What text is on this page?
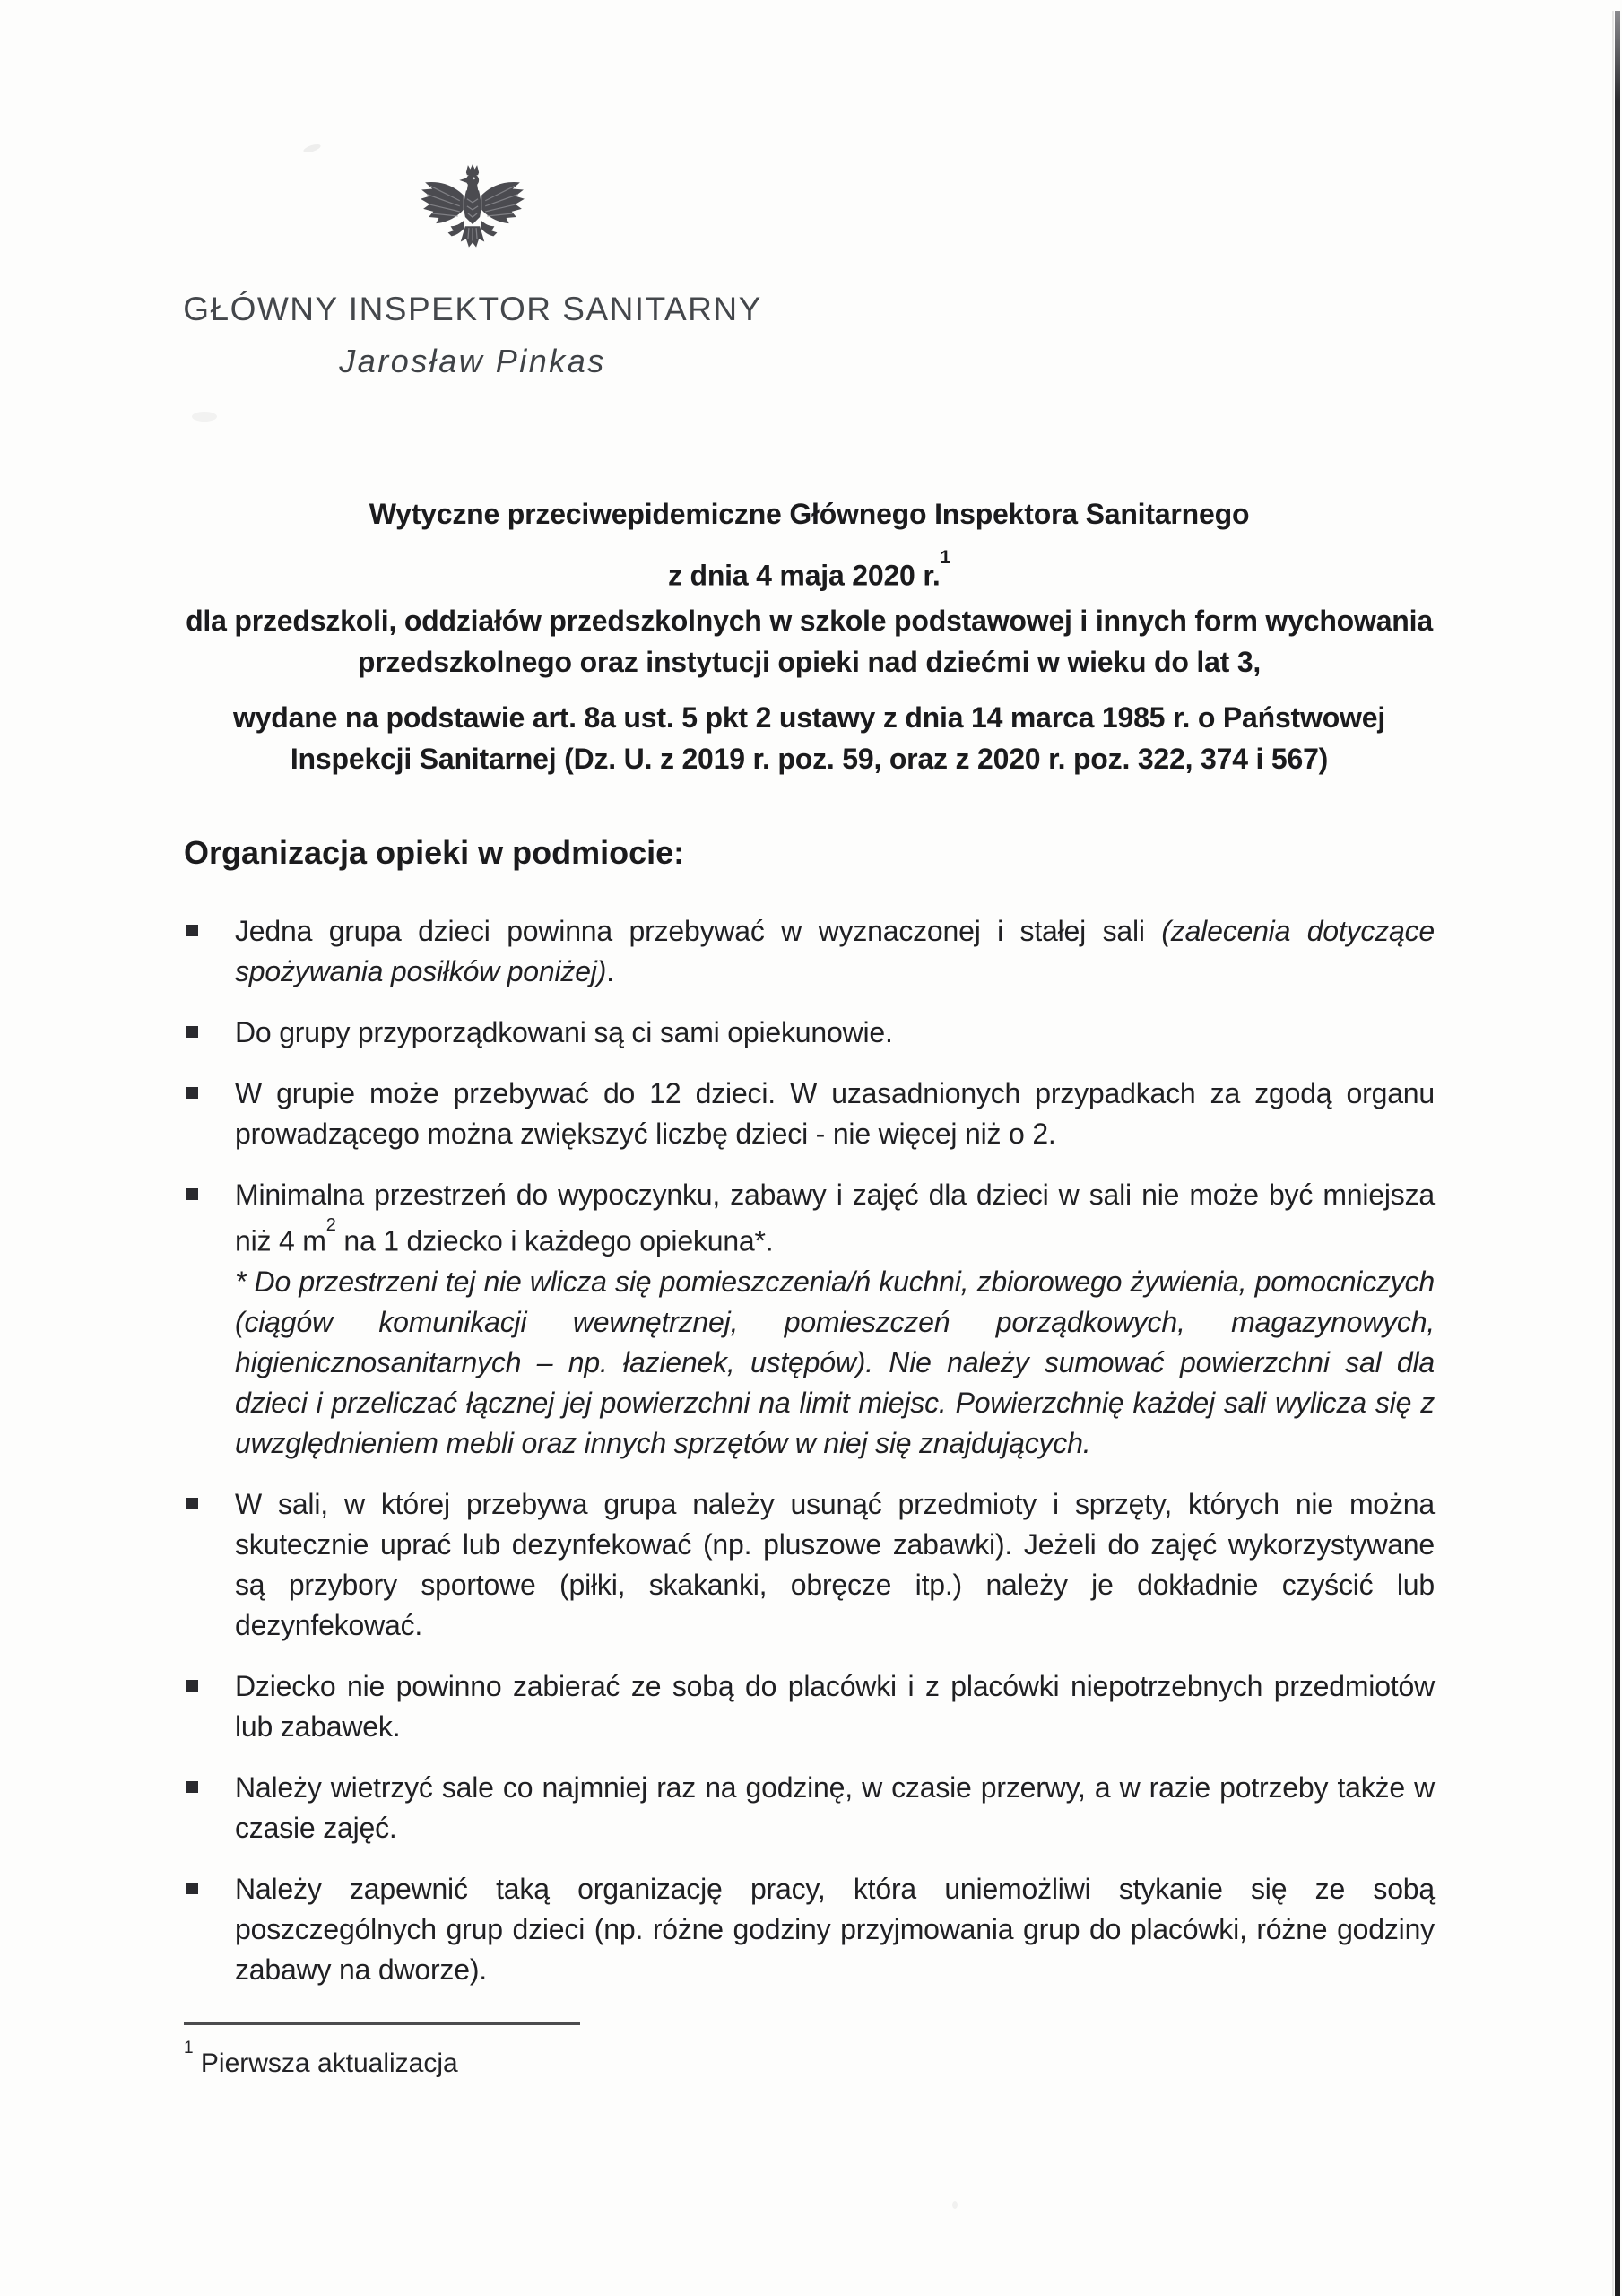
GŁÓWNY INSPEKTOR SANITARNY
Jarosław Pinkas

Wytyczne przeciwepidemiczne Głównego Inspektora Sanitarnego

z dnia 4 maja 2020 r.$^1$

dla przedszkoli, oddziałów przedszkolnych w szkole podstawowej i innych form wychowania przedszkolnego oraz instytucji opieki nad dziećmi w wieku do lat 3,

wydane na podstawie art. 8a ust. 5 pkt 2 ustawy z dnia 14 marca 1985 r. o Państwowej Inspekcji Sanitarnej (Dz. U. z 2019 r. poz. 59, oraz z 2020 r. poz. 322, 374 i 567)

Organizacja opieki w podmiocie:
Jedna grupa dzieci powinna przebywać w wyznaczonej i stałej sali (zalecenia dotyczące spożywania posiłków poniżej).
Do grupy przyporządkowani są ci sami opiekunowie.
W grupie może przebywać do 12 dzieci. W uzasadnionych przypadkach za zgodą organu prowadzącego można zwiększyć liczbę dzieci - nie więcej niż o 2.
Minimalna przestrzeń do wypoczynku, zabawy i zajęć dla dzieci w sali nie może być mniejsza niż 4 $m^2$ na 1 dziecko i każdego opiekuna*.

* Do przestrzeni tej nie wlicza się pomieszczenia/ń kuchni, zbiorowego żywienia, pomocniczych (ciągów komunikacji wewnętrznej, pomieszczeń porządkowych, magazynowych, higienicznosanitarnych – np. łazienek, ustępów). Nie należy sumować powierzchni sal dla dzieci i przeliczać łącznej jej powierzchni na limit miejsc. Powierzchnię każdej sali wylicza się z uwzględnieniem mebli oraz innych sprzętów w niej się znajdujących.

W sali, w której przebywa grupa należy usunąć przedmioty i sprzęty, których nie można skutecznie uprać lub dezynfekować (np. pluszowe zabawki). Jeżeli do zajęć wykorzystywane są przybory sportowe (piłki, skakanki, obręcze itp.) należy je dokładnie czyścić lub dezynfekować.
Dziecko nie powinno zabierać ze sobą do placówki i z placówki niepotrzebnych przedmiotów lub zabawek.
Należy wietrzyć sale co najmniej raz na godzinę, w czasie przerwy, a w razie potrzeby także w czasie zajęć.
Należy zapewnić taką organizację pracy, która uniemożliwi stykanie się ze sobą poszczególnych grup dzieci (np. różne godziny przyjmowania grup do placówki, różne godziny zabawy na dworze).

$^1$ Pierwsza aktualizacja
